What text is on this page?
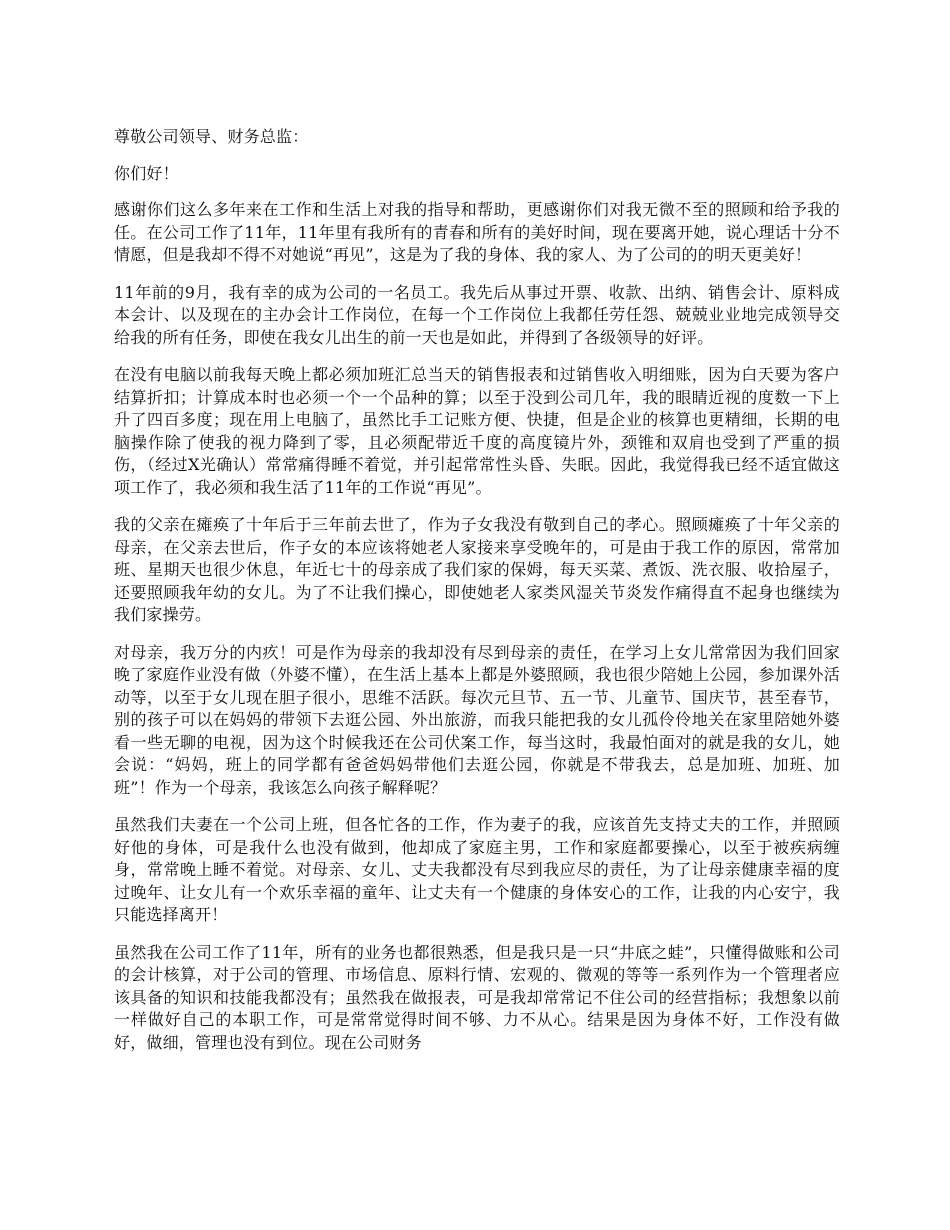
尊敬公司领导、财务总监：

你们好！

感谢你们这么多年来在工作和生活上对我的指导和帮助，更感谢你们对我无微不至的照顾和给予我的任。在公司工作了11年，11年里有我所有的青春和所有的美好时间，现在要离开她，说心理话十分不情愿，但是我却不得不对她说“再见”，这是为了我的身体、我的家人、为了公司的的明天更美好！

11年前的9月，我有幸的成为公司的一名员工。我先后从事过开票、收款、出纳、销售会计、原料成本会计、以及现在的主办会计工作岗位，在每一个工作岗位上我都任劳任怨、兢兢业业地完成领导交给我的所有任务，即使在我女儿出生的前一天也是如此，并得到了各级领导的好评。

在没有电脑以前我每天晚上都必须加班汇总当天的销售报表和过销售收入明细账，因为白天要为客户结算折扣；计算成本时也必须一个一个品种的算；以至于没到公司几年，我的眼睛近视的度数一下上升了四百多度；现在用上电脑了，虽然比手工记账方便、快捷，但是企业的核算也更精细，长期的电脑操作除了使我的视力降到了零，且必须配带近千度的高度镜片外，颈锥和双肩也受到了严重的损伤，（经过X光确认）常常痛得睡不着觉，并引起常常性头昏、失眠。因此，我觉得我已经不适宜做这项工作了，我必须和我生活了11年的工作说“再见”。

我的父亲在瘫痪了十年后于三年前去世了，作为子女我没有敬到自己的孝心。照顾瘫痪了十年父亲的母亲，在父亲去世后，作子女的本应该将她老人家接来享受晚年的，可是由于我工作的原因，常常加班、星期天也很少休息，年近七十的母亲成了我们家的保姆，每天买菜、煮饭、洗衣服、收拾屋子，还要照顾我年幼的女儿。为了不让我们操心，即使她老人家类风湿关节炎发作痛得直不起身也继续为我们家操劳。

对母亲，我万分的内疚！可是作为母亲的我却没有尽到母亲的责任，在学习上女儿常常因为我们回家晚了家庭作业没有做（外婆不懂），在生活上基本上都是外婆照顾，我也很少陪她上公园，参加课外活动等，以至于女儿现在胆子很小，思维不活跃。每次元旦节、五一节、儿童节、国庆节，甚至春节，别的孩子可以在妈妈的带领下去逛公园、外出旅游，而我只能把我的女儿孤伶伶地关在家里陪她外婆看一些无聊的电视，因为这个时候我还在公司伏案工作，每当这时，我最怕面对的就是我的女儿，她会说：“妈妈，班上的同学都有爸爸妈妈带他们去逛公园，你就是不带我去，总是加班、加班、加班”！作为一个母亲，我该怎么向孩子解释呢？

虽然我们夫妻在一个公司上班，但各忙各的工作，作为妻子的我，应该首先支持丈夫的工作，并照顾好他的身体，可是我什么也没有做到，他却成了家庭主男，工作和家庭都要操心，以至于被疾病缠身，常常晚上睡不着觉。对母亲、女儿、丈夫我都没有尽到我应尽的责任，为了让母亲健康幸福的度过晚年、让女儿有一个欢乐幸福的童年、让丈夫有一个健康的身体安心的工作，让我的内心安宁，我只能选择离开！

虽然我在公司工作了11年，所有的业务也都很熟悉，但是我只是一只“井底之蛙”，只懂得做账和公司的会计核算，对于公司的管理、市场信息、原料行情、宏观的、微观的等等一系列作为一个管理者应该具备的知识和技能我都没有；虽然我在做报表，可是我却常常记不住公司的经营指标；我想象以前一样做好自己的本职工作，可是常常觉得时间不够、力不从心。结果是因为身体不好，工作没有做好，做细，管理也没有到位。现在公司财务
